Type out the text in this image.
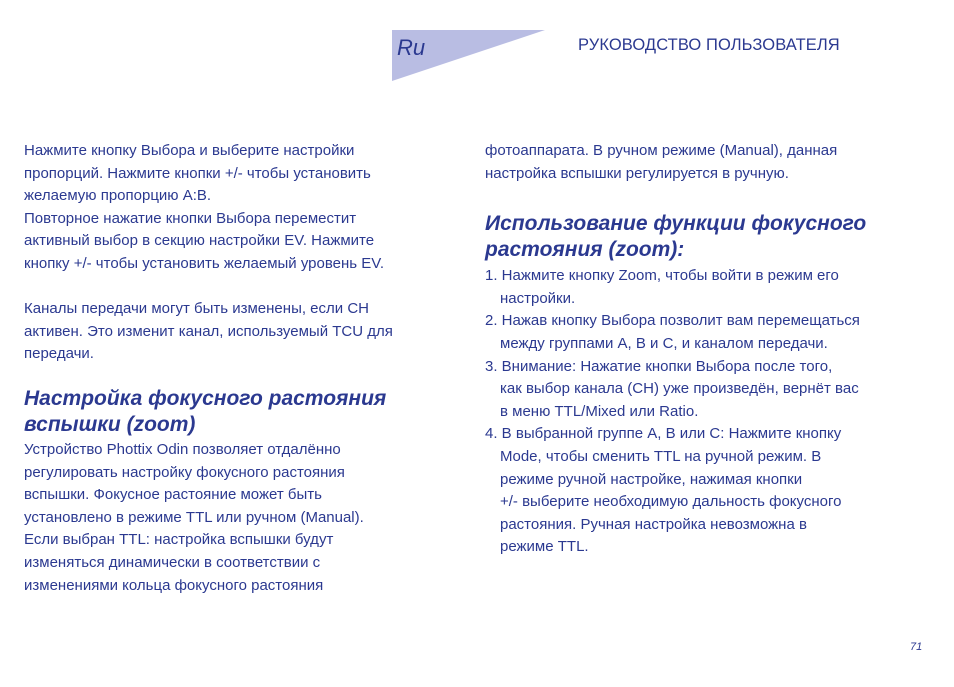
Ru	РУКОВОДСТВО ПОЛЬЗОВАТЕЛЯ

Нажмите кнопку Выбора и выберите настройки

пропорций. Нажмите кнопки +/- чтобы установить

желаемую пропорцию A:B.

Повторное нажатие кнопки Выбора переместит

активный выбор в секцию настройки EV. Нажмите

кнопку +/- чтобы установить желаемый уровень EV.

Каналы передачи могут быть изменены, если CH

активен. Это изменит канал, используемый TCU для

передачи.

Настройка фокусного растояния
вспышки (zoom)

Устройство Phottix Odin позволяет отдалённо

регулировать настройку фокусного растояния

вспышки. Фокусное растояние может быть

установлено в режиме TTL или ручном (Manual).

Если выбран TTL: настройка вспышки будут

изменяться динамически в соответствии с

изменениями кольца фокусного растояния

фотоаппарата. В ручном режиме (Manual), данная

настройка вспышки регулируется в ручную.

Использование функции фокусного
растояния (zoom):
1. Нажмите кнопку Zoom, чтобы войти в режим его
настройки.
2. Нажав кнопку Выбора позволит вам перемещаться
между группами A, B и C, и каналом передачи.
3. Внимание: Нажатие кнопки Выбора после того,
как выбор канала (CH) уже произведён, вернёт вас
в меню TTL/Mixed или Ratio.
4. В выбранной группе A, B или C: Нажмите кнопку
Mode, чтобы сменить TTL на ручной режим. В
режиме ручной настройке, нажимая кнопки
+/- выберите необходимую дальность фокусного
растояния. Ручная настройка невозможна в
режиме TTL.
71
